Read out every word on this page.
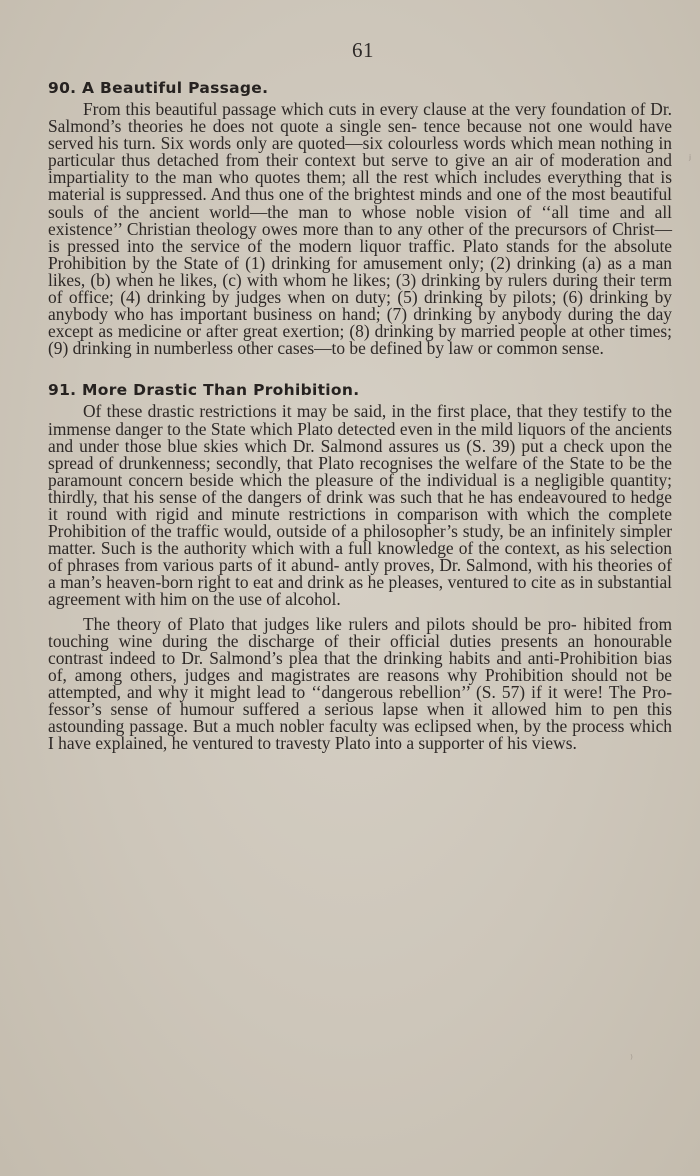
61
90. A Beautiful Passage.

From this beautiful passage which cuts in every clause at the very foundation of Dr. Salmond’s theories he does not quote a single sen- tence because not one would have served his turn. Six words only are quoted—six colourless words which mean nothing in particular thus detached from their context but serve to give an air of moderation and impartiality to the man who quotes them; all the rest which includes everything that is material is suppressed. And thus one of the brightest minds and one of the most beautiful souls of the ancient world—the man to whose noble vision of ‘‘all time and all existence’’ Christian theology owes more than to any other of the precursors of Christ—is pressed into the service of the modern liquor traffic. Plato stands for the absolute Prohibition by the State of (1) drinking for amusement only; (2) drinking (a) as a man likes, (b) when he likes, (c) with whom he likes; (3) drinking by rulers during their term of office; (4) drinking by judges when on duty; (5) drinking by pilots; (6) drinking by anybody who has important business on hand; (7) drinking by anybody during the day except as medicine or after great exertion; (8) drinking by married people at other times; (9) drinking in numberless other cases—to be defined by law or common sense.

91. More Drastic Than Prohibition.

Of these drastic restrictions it may be said, in the first place, that they testify to the immense danger to the State which Plato detected even in the mild liquors of the ancients and under those blue skies which Dr. Salmond assures us (S. 39) put a check upon the spread of drunkenness; secondly, that Plato recognises the welfare of the State to be the paramount concern beside which the pleasure of the individual is a negligible quantity; thirdly, that his sense of the dangers of drink was such that he has endeavoured to hedge it round with rigid and minute restrictions in comparison with which the complete Prohibition of the traffic would, outside of a philosopher’s study, be an infinitely simpler matter. Such is the authority which with a full knowledge of the context, as his selection of phrases from various parts of it abund- antly proves, Dr. Salmond, with his theories of a man’s heaven-born right to eat and drink as he pleases, ventured to cite as in substantial agreement with him on the use of alcohol.

The theory of Plato that judges like rulers and pilots should be pro- hibited from touching wine during the discharge of their official duties presents an honourable contrast indeed to Dr. Salmond’s plea that the drinking habits and anti-Prohibition bias of, among others, judges and magistrates are reasons why Prohibition should not be attempted, and why it might lead to ‘‘dangerous rebellion’’ (S. 57) if it were! The Pro- fessor’s sense of humour suffered a serious lapse when it allowed him to pen this astounding passage. But a much nobler faculty was eclipsed when, by the process which I have explained, he ventured to travesty Plato into a supporter of his views.

ʲ
⁾
